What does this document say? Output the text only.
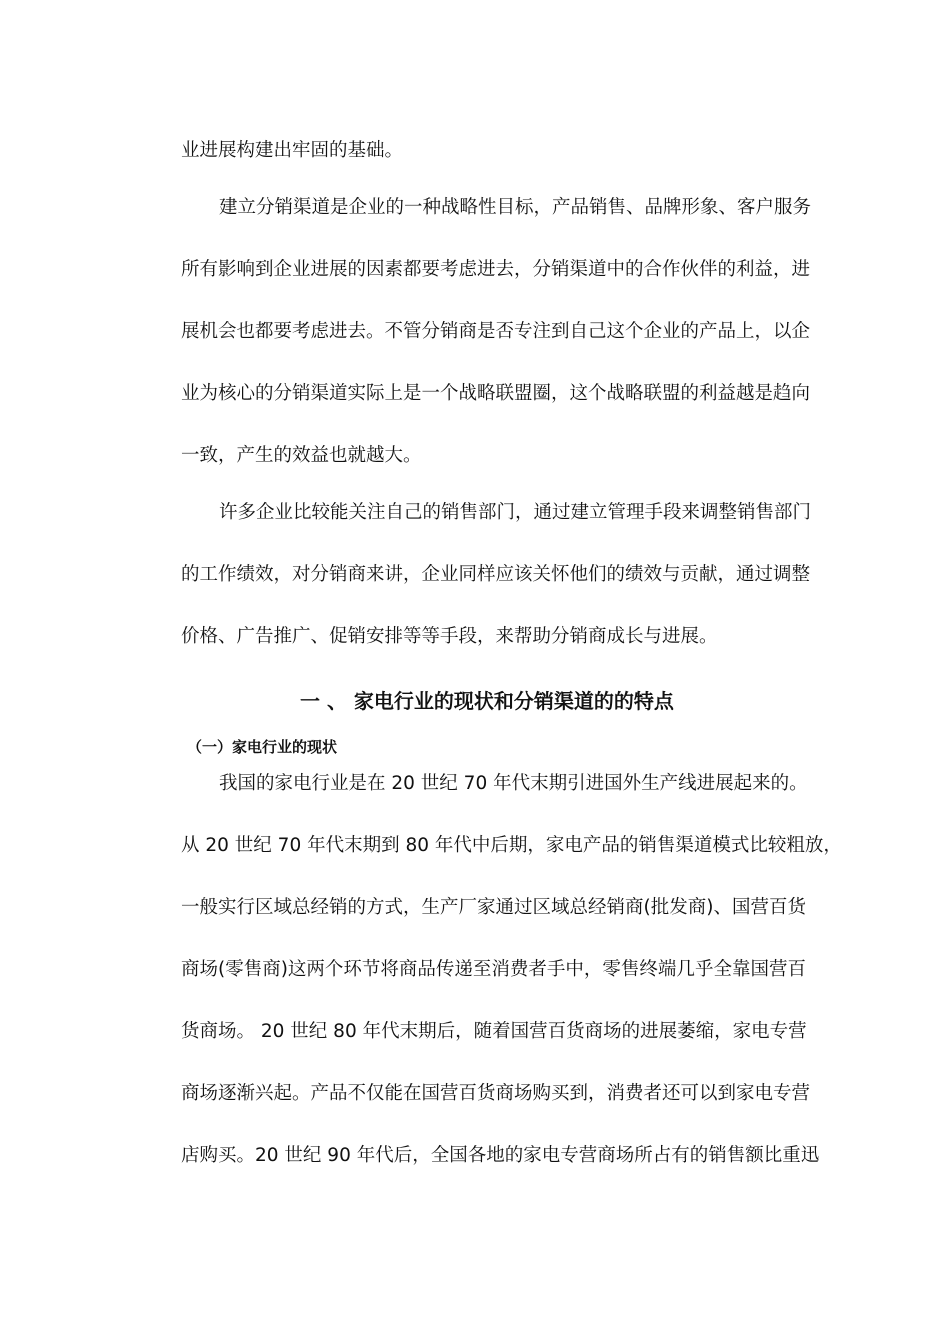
业进展构建出牢固的基础。
建立分销渠道是企业的一种战略性目标，产品销售、品牌形象、客户服务
所有影响到企业进展的因素都要考虑进去，分销渠道中的合作伙伴的利益，进
展机会也都要考虑进去。不管分销商是否专注到自己这个企业的产品上，以企
业为核心的分销渠道实际上是一个战略联盟圈，这个战略联盟的利益越是趋向
一致，产生的效益也就越大。
许多企业比较能关注自己的销售部门，通过建立管理手段来调整销售部门
的工作绩效，对分销商来讲，企业同样应该关怀他们的绩效与贡献，通过调整
价格、广告推广、促销安排等等手段，来帮助分销商成长与进展。
一 、 家电行业的现状和分销渠道的的特点
（一）家电行业的现状
我国的家电行业是在 20 世纪 70 年代末期引进国外生产线进展起来的。
从 20 世纪 70 年代末期到 80 年代中后期，家电产品的销售渠道模式比较粗放，
一般实行区域总经销的方式，生产厂家通过区域总经销商(批发商)、国营百货
商场(零售商)这两个环节将商品传递至消费者手中，零售终端几乎全靠国营百
货商场。 20 世纪 80 年代末期后，随着国营百货商场的进展萎缩，家电专营
商场逐渐兴起。产品不仅能在国营百货商场购买到，消费者还可以到家电专营
店购买。20 世纪 90 年代后，全国各地的家电专营商场所占有的销售额比重迅
